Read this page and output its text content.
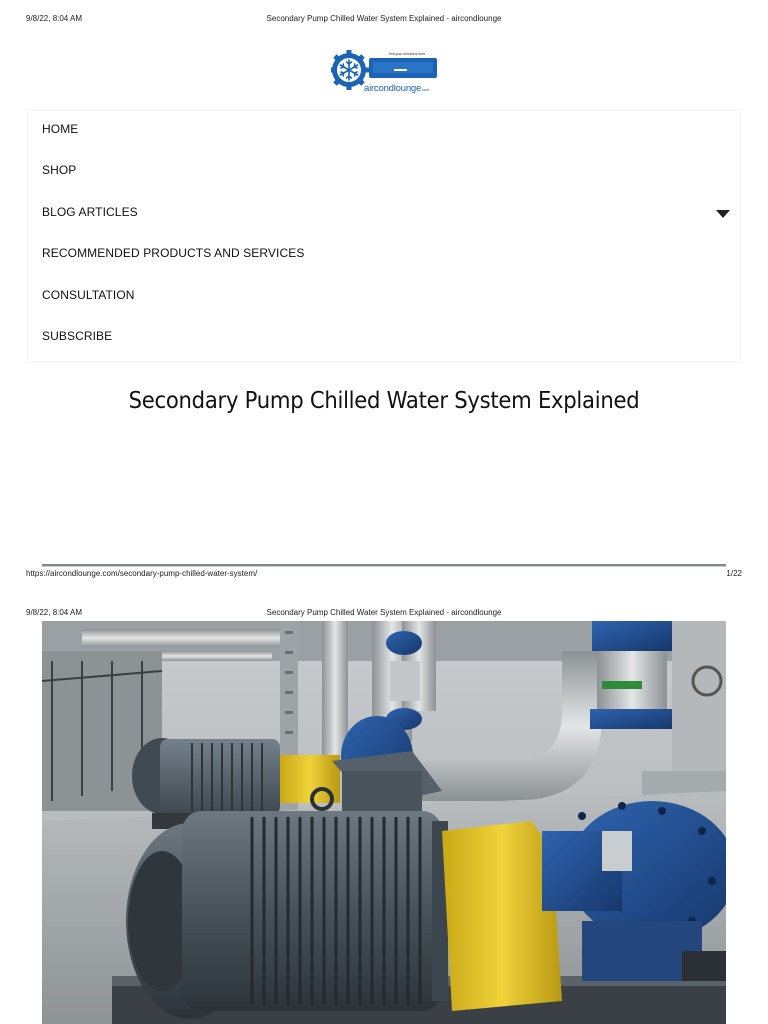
9/8/22, 8:04 AM	Secondary Pump Chilled Water System Explained - aircondlounge
find your solutions here
aircondlounge.com
HOME
SHOP
BLOG ARTICLES
RECOMMENDED PRODUCTS AND SERVICES
CONSULTATION
SUBSCRIBE
Secondary Pump Chilled Water System Explained
https://aircondlounge.com/secondary-pump-chilled-water-system/	1/22
9/8/22, 8:04 AM	Secondary Pump Chilled Water System Explained - aircondlounge
